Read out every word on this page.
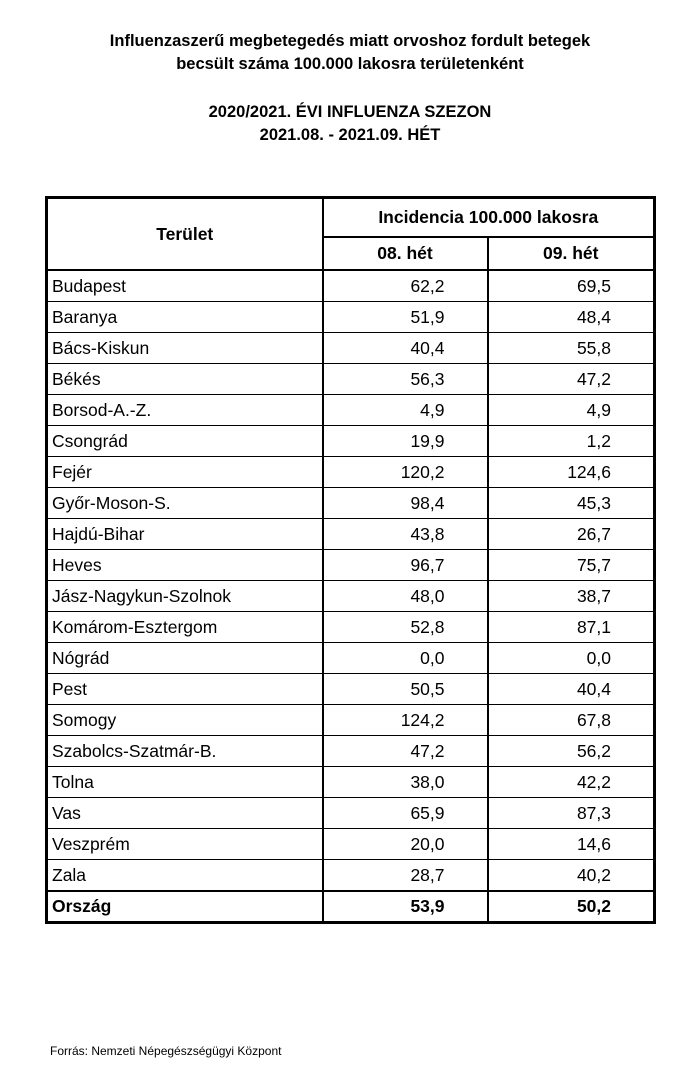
Influenzaszerű megbetegedés miatt orvoshoz fordult betegek
becsült száma 100.000 lakosra területenként
2020/2021. ÉVI INFLUENZA SZEZON
2021.08. - 2021.09. HÉT
Terület	Incidencia 100.000 lakosra	
	08. hét	09. hét
Budapest	62,2	69,5
Baranya	51,9	48,4
Bács-Kiskun	40,4	55,8
Békés	56,3	47,2
Borsod-A.-Z.	4,9	4,9
Csongrád	19,9	1,2
Fejér	120,2	124,6
Győr-Moson-S.	98,4	45,3
Hajdú-Bihar	43,8	26,7
Heves	96,7	75,7
Jász-Nagykun-Szolnok	48,0	38,7
Komárom-Esztergom	52,8	87,1
Nógrád	0,0	0,0
Pest	50,5	40,4
Somogy	124,2	67,8
Szabolcs-Szatmár-B.	47,2	56,2
Tolna	38,0	42,2
Vas	65,9	87,3
Veszprém	20,0	14,6
Zala	28,7	40,2
Ország	53,9	50,2
Forrás: Nemzeti Népegészségügyi Központ
